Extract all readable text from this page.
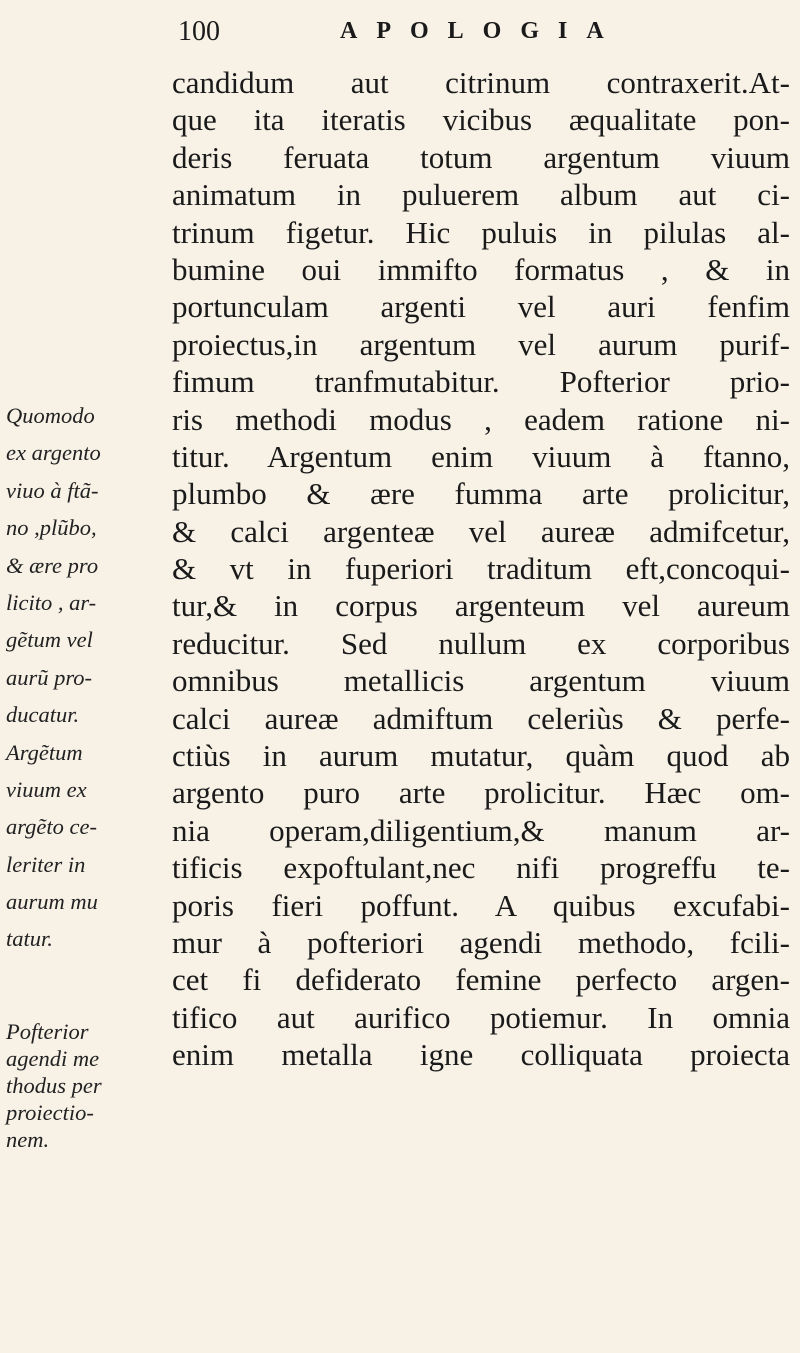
100	APOLOGIA
candidum aut citrinum contraxerit.At-
que ita iteratis vicibus æqualitate pon-
deris feruata totum argentum viuum
animatum in puluerem album aut ci-
trinum figetur. Hic puluis in pilulas al-
bumine oui immifto formatus , & in
portunculam argenti vel auri fenfim
proiectus,in argentum vel aurum purif-
fimum tranfmutabitur. Pofterior prio-
ris methodi modus , eadem ratione ni-
titur. Argentum enim viuum à ftanno,
plumbo & ære fumma arte prolicitur,
& calci argenteæ vel aureæ admifcetur,
& vt in fuperiori traditum eft,concoqui-
tur,& in corpus argenteum vel aureum
reducitur. Sed nullum ex corporibus
omnibus metallicis argentum viuum
calci aureæ admiftum celeriùs & perfe-
ctiùs in aurum mutatur, quàm quod ab
argento puro arte prolicitur. Hæc om-
nia operam,diligentium,& manum ar-
tificis expoftulant,nec nifi progreffu te-
poris fieri poffunt. A quibus excufabi-
mur à pofteriori agendi methodo, fcili-
cet fi defiderato femine perfecto argen-
tifico aut aurifico potiemur. In omnia
enim metalla igne colliquata proiecta
Quomodo
ex argento
viuo à ftã-
no ,plũbo,
& ære pro
licito , ar-
gẽtum vel
aurũ pro-
ducatur.
Argẽtum
viuum ex
argẽto ce-
leriter in
aurum mu
tatur.
Pofterior
agendi me
thodus per
proiectio-
nem.
